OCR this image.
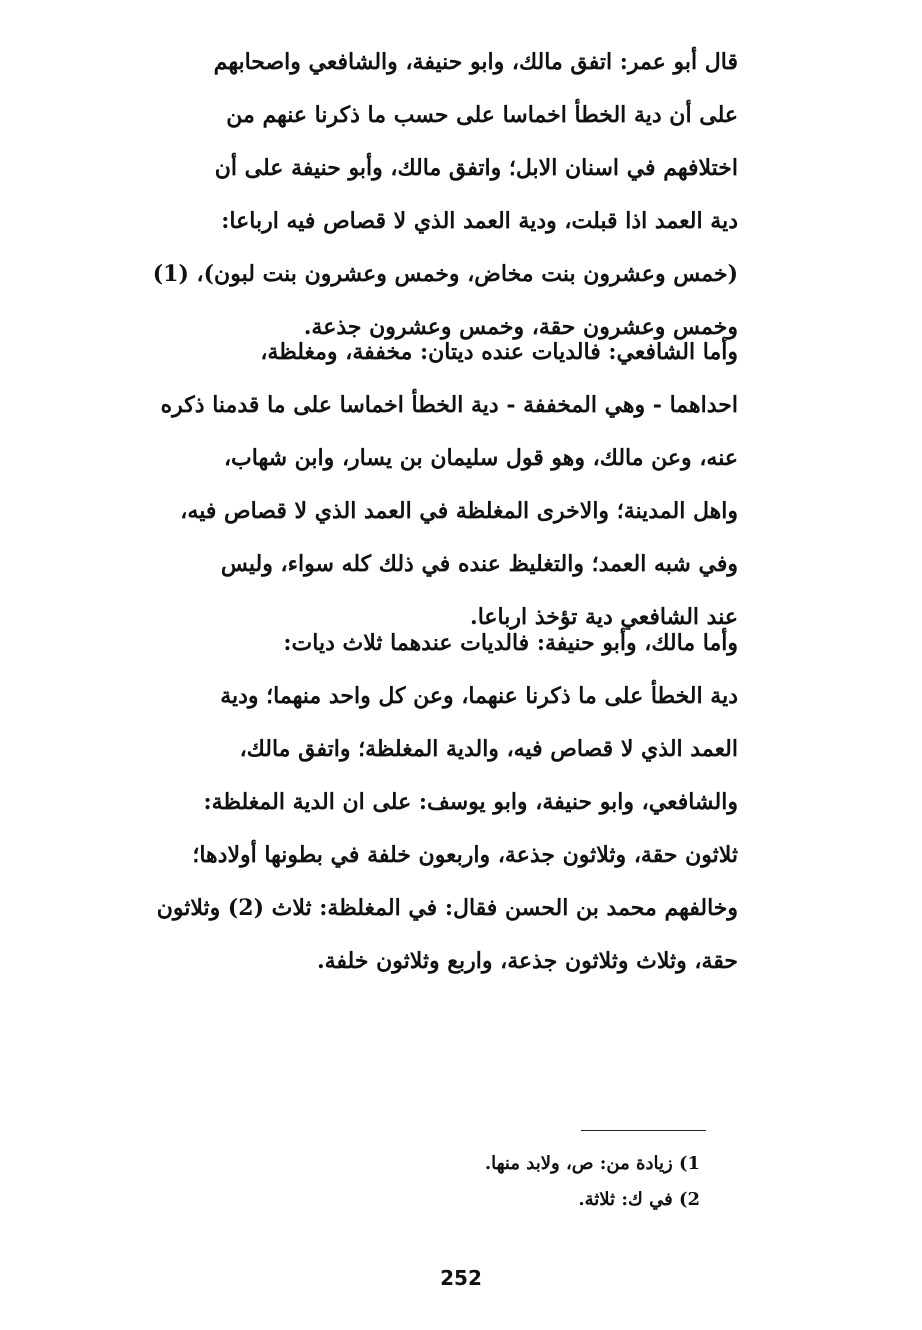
قال أبو عمر: اتفق مالك، وابو حنيفة، والشافعي واصحابهم
على أن دية الخطأ اخماسا على حسب ما ذكرنا عنهم من
اختلافهم في اسنان الابل؛ واتفق مالك، وأبو حنيفة على أن
دية العمد اذا قبلت، ودية العمد الذي لا قصاص فيه ارباعا:
(خمس وعشرون بنت مخاض، وخمس وعشرون بنت لبون)، (1)
وخمس وعشرون حقة، وخمس وعشرون جذعة.
وأما الشافعي: فالديات عنده ديتان: مخففة، ومغلظة،
احداهما - وهي المخففة - دية الخطأ اخماسا على ما قدمنا ذكره
عنه، وعن مالك، وهو قول سليمان بن يسار، وابن شهاب،
واهل المدينة؛ والاخرى المغلظة في العمد الذي لا قصاص فيه،
وفي شبه العمد؛ والتغليظ عنده في ذلك كله سواء، وليس
عند الشافعي دية تؤخذ ارباعا.
وأما مالك، وأبو حنيفة: فالديات عندهما ثلاث ديات:
دية الخطأ على ما ذكرنا عنهما، وعن كل واحد منهما؛ ودية
العمد الذي لا قصاص فيه، والدية المغلظة؛ واتفق مالك،
والشافعي، وابو حنيفة، وابو يوسف: على ان الدية المغلظة:
ثلاثون حقة، وثلاثون جذعة، واربعون خلفة في بطونها أولادها؛
وخالفهم محمد بن الحسن فقال: في المغلظة: ثلاث (2) وثلاثون
حقة، وثلاث وثلاثون جذعة، واربع وثلاثون خلفة.
1) زيادة من: ص، ولابد منها.
2) في ك: ثلاثة.
252
